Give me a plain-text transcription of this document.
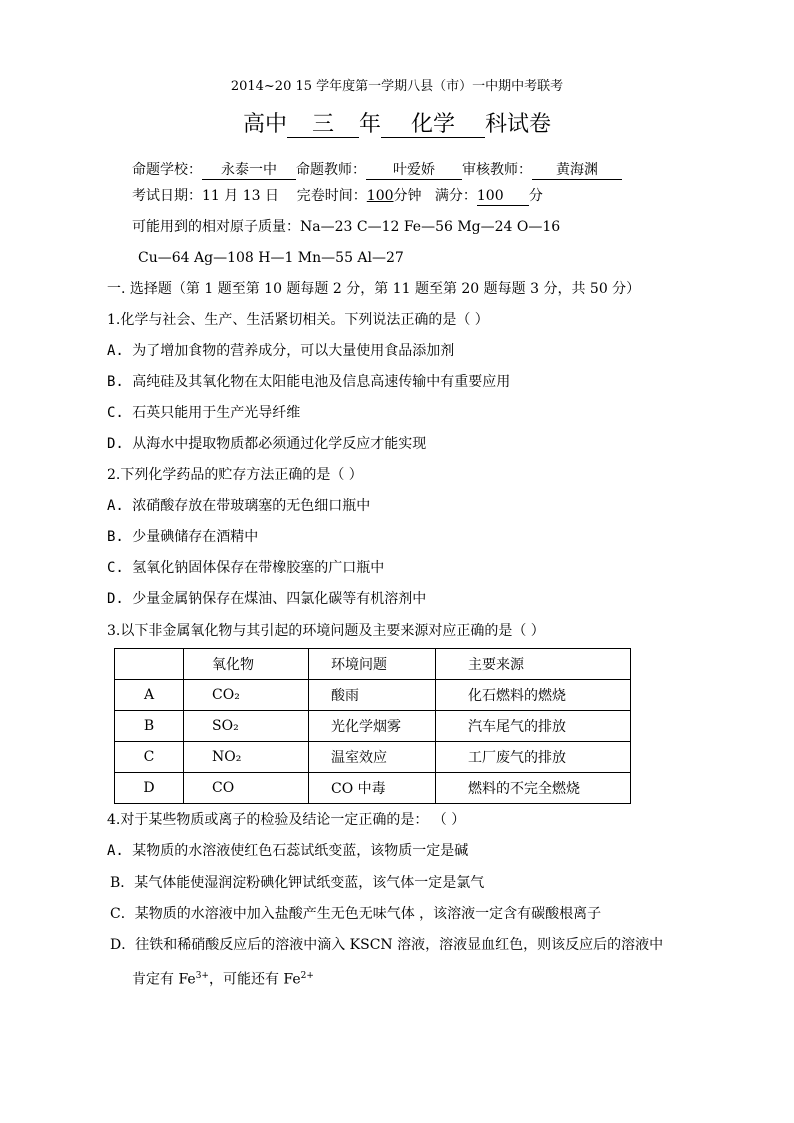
2014~20 15 学年度第一学期八县（市）一中期中考联考
高中 三 年 化学 科试卷
命题学校： 永泰一中 命题教师： 叶爱娇 审核教师： 黄海渊
考试日期：11 月 13 日 完卷时间：100分钟 满分：100 分
可能用到的相对原子质量：Na—23 C—12 Fe—56 Mg—24 O—16
Cu—64 Ag—108 H—1 Mn—55 Al—27
一. 选择题（第 1 题至第 10 题每题 2 分，第 11 题至第 20 题每题 3 分，共 50 分）
1.化学与社会、生产、生活紧切相关。下列说法正确的是（ ）
A. 为了增加食物的营养成分，可以大量使用食品添加剂
B. 高纯硅及其氧化物在太阳能电池及信息高速传输中有重要应用
C. 石英只能用于生产光导纤维
D. 从海水中提取物质都必须通过化学反应才能实现
2.下列化学药品的贮存方法正确的是（ ）
A. 浓硝酸存放在带玻璃塞的无色细口瓶中
B. 少量碘储存在酒精中
C. 氢氧化钠固体保存在带橡胶塞的广口瓶中
D. 少量金属钠保存在煤油、四氯化碳等有机溶剂中
3.以下非金属氧化物与其引起的环境问题及主要来源对应正确的是（ ）
	氧化物	环境问题	主要来源
A	CO₂	酸雨	化石燃料的燃烧
B	SO₂	光化学烟雾	汽车尾气的排放
C	NO₂	温室效应	工厂废气的排放
D	CO	CO 中毒	燃料的不完全燃烧
4.对于某些物质或离子的检验及结论一定正确的是： （ ）
A. 某物质的水溶液使红色石蕊试纸变蓝，该物质一定是碱
B．某气体能使湿润淀粉碘化钾试纸变蓝，该气体一定是氯气
C．某物质的水溶液中加入盐酸产生无色无味气体 ，该溶液一定含有碳酸根离子
D．往铁和稀硝酸反应后的溶液中滴入 KSCN 溶液，溶液显血红色，则该反应后的溶液中
肯定有 $Fe^{3+}$，可能还有 $Fe^{2+}$
